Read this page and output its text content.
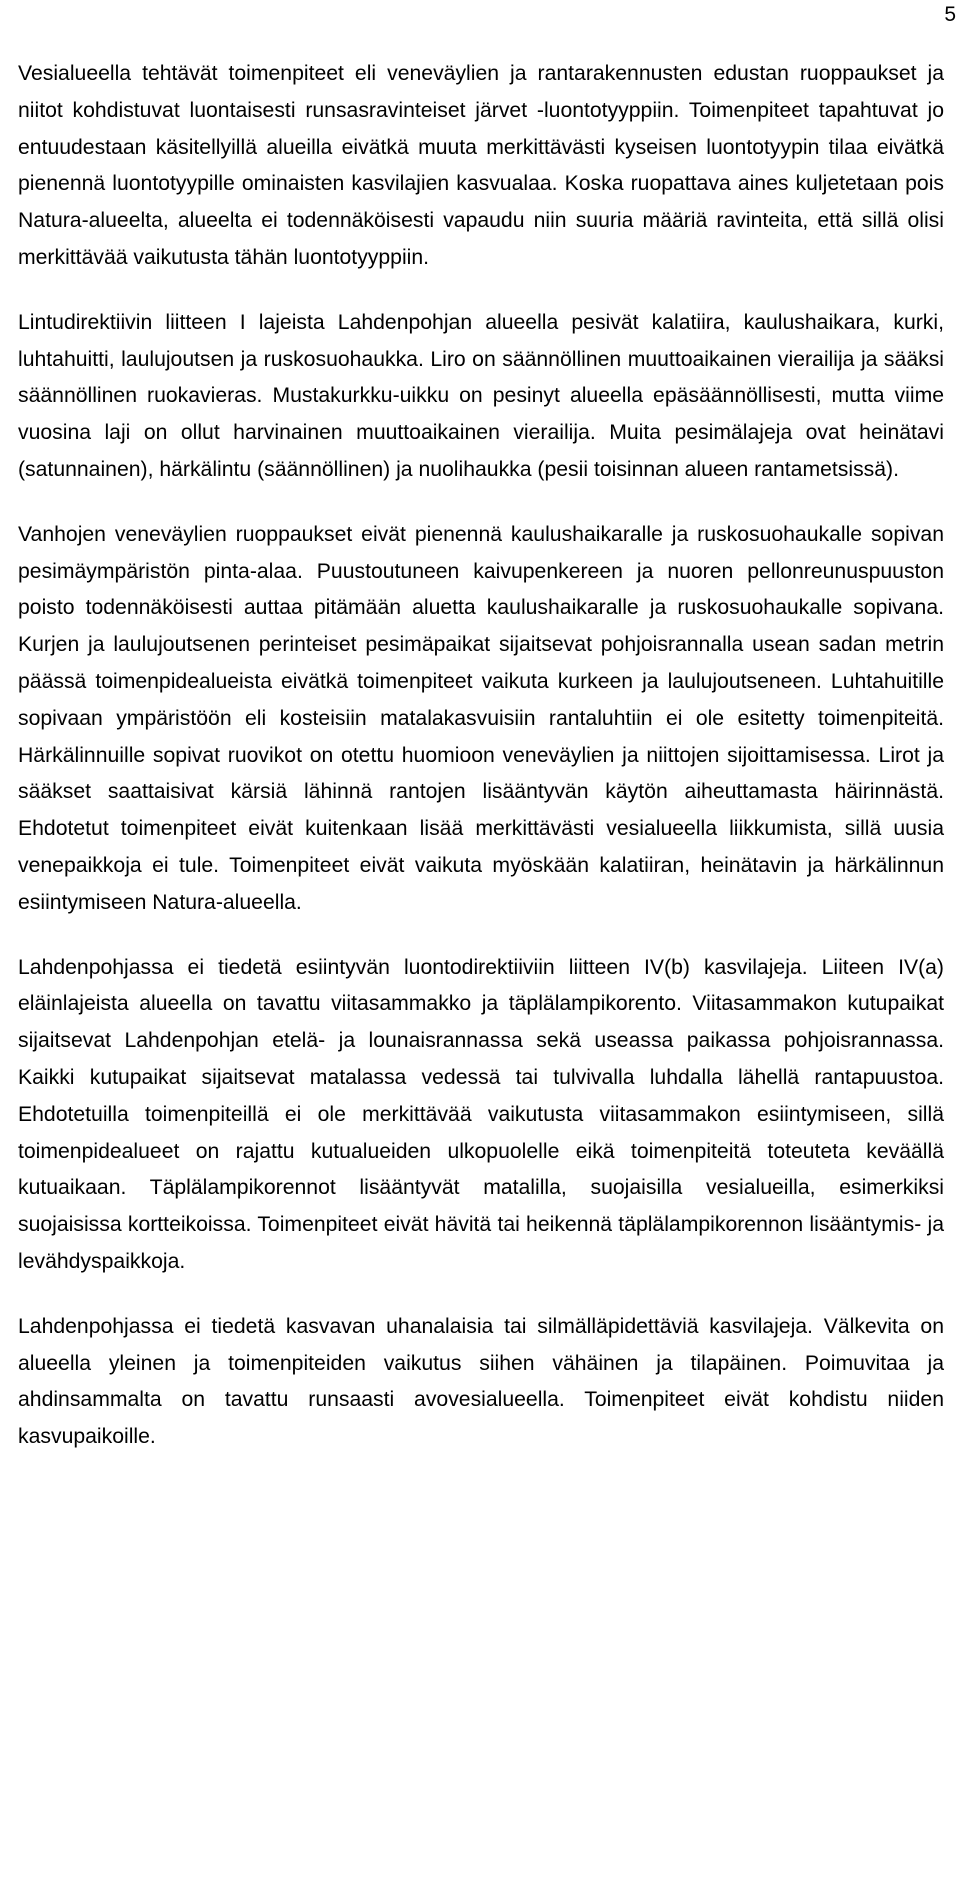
5

Vesialueella tehtävät toimenpiteet eli veneväylien ja rantarakennusten edustan ruoppaukset ja niitot kohdistuvat luontaisesti runsasravinteiset järvet -luontotyyppiin. Toimenpiteet tapahtuvat jo entuudestaan käsitellyillä alueilla eivätkä muuta merkittävästi kyseisen luontotyypin tilaa eivätkä pienennä luontotyypille ominaisten kasvilajien kasvualaa. Koska ruopattava aines kuljetetaan pois Natura-alueelta, alueelta ei todennäköisesti vapaudu niin suuria määriä ravinteita, että sillä olisi merkittävää vaikutusta tähän luontotyyppiin.

Lintudirektiivin liitteen I lajeista Lahdenpohjan alueella pesivät kalatiira, kaulushaikara, kurki, luhtahuitti, laulujoutsen ja ruskosuohaukka. Liro on säännöllinen muuttoaikainen vierailija ja sääksi säännöllinen ruokavieras. Mustakurkku-uikku on pesinyt alueella epäsäännöllisesti, mutta viime vuosina laji on ollut harvinainen muuttoaikainen vierailija. Muita pesimälajeja ovat heinätavi (satunnainen), härkälintu (säännöllinen) ja nuolihaukka (pesii toisinnan alueen rantametsissä).

Vanhojen veneväylien ruoppaukset eivät pienennä kaulushaikaralle ja ruskosuohaukalle sopivan pesimäympäristön pinta-alaa. Puustoutuneen kaivupenkereen ja nuoren pellonreunuspuuston poisto todennäköisesti auttaa pitämään aluetta kaulushaikaralle ja ruskosuohaukalle sopivana. Kurjen ja laulujoutsenen perinteiset pesimäpaikat sijaitsevat pohjoisrannalla usean sadan metrin päässä toimenpidealueista eivätkä toimenpiteet vaikuta kurkeen ja laulujoutseneen. Luhtahuitille sopivaan ympäristöön eli kosteisiin matalakasvuisiin rantaluhtiin ei ole esitetty toimenpiteitä. Härkälinnuille sopivat ruovikot on otettu huomioon veneväylien ja niittojen sijoittamisessa. Lirot ja sääkset saattaisivat kärsiä lähinnä rantojen lisääntyvän käytön aiheuttamasta häirinnästä. Ehdotetut toimenpiteet eivät kuitenkaan lisää merkittävästi vesialueella liikkumista, sillä uusia venepaikkoja ei tule. Toimenpiteet eivät vaikuta myöskään kalatiiran, heinätavin ja härkälinnun esiintymiseen Natura-alueella.

Lahdenpohjassa ei tiedetä esiintyvän luontodirektiiviin liitteen IV(b) kasvilajeja. Liiteen IV(a) eläinlajeista alueella on tavattu viitasammakko ja täplälampikorento. Viitasammakon kutupaikat sijaitsevat Lahdenpohjan etelä- ja lounaisrannassa sekä useassa paikassa pohjoisrannassa. Kaikki kutupaikat sijaitsevat matalassa vedessä tai tulvivalla luhdalla lähellä rantapuustoa. Ehdotetuilla toimenpiteillä ei ole merkittävää vaikutusta viitasammakon esiintymiseen, sillä toimenpidealueet on rajattu kutualueiden ulkopuolelle eikä toimenpiteitä toteuteta keväällä kutuaikaan. Täplälampikorennot lisääntyvät matalilla, suojaisilla vesialueilla, esimerkiksi suojaisissa kortteikoissa. Toimenpiteet eivät hävitä tai heikennä täplälampikorennon lisääntymis- ja levähdyspaikkoja.

Lahdenpohjassa ei tiedetä kasvavan uhanalaisia tai silmälläpidettäviä kasvilajeja. Välkevita on alueella yleinen ja toimenpiteiden vaikutus siihen vähäinen ja tilapäinen. Poimuvitaa ja ahdinsammalta on tavattu runsaasti avovesialueella. Toimenpiteet eivät kohdistu niiden kasvupaikoille.
